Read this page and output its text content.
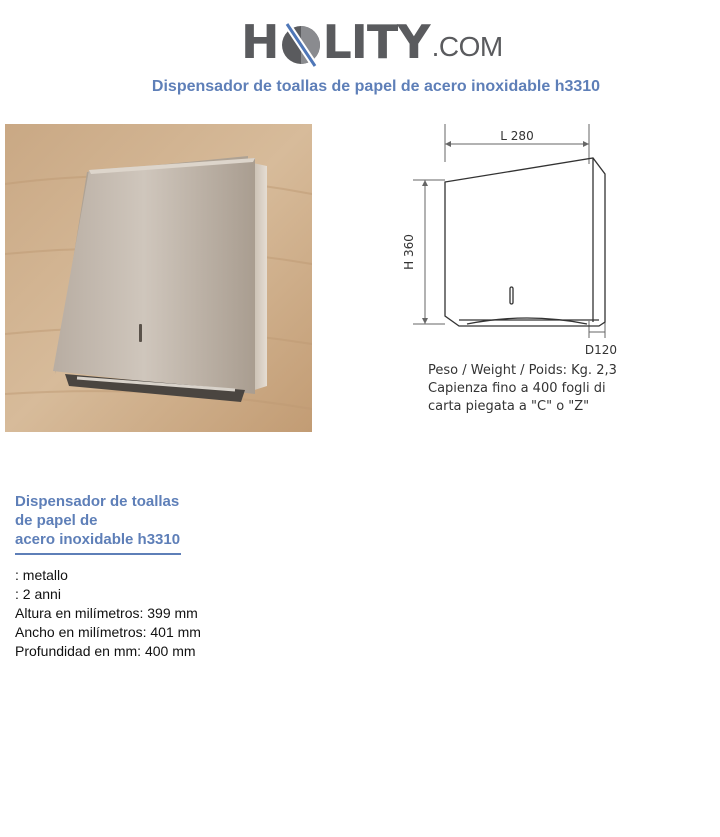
H LITY .COM
Dispensador de toallas de papel de acero inoxidable h3310
L 280
H 360
D120
Peso / Weight / Poids: Kg. 2,3
Capienza fino a 400 fogli di
carta piegata a "C" o "Z"
Dispensador de toallas
de papel de
acero inoxidable h3310
: metallo
: 2 anni
Altura en milímetros: 399 mm
Ancho en milímetros: 401 mm
Profundidad en mm: 400 mm
